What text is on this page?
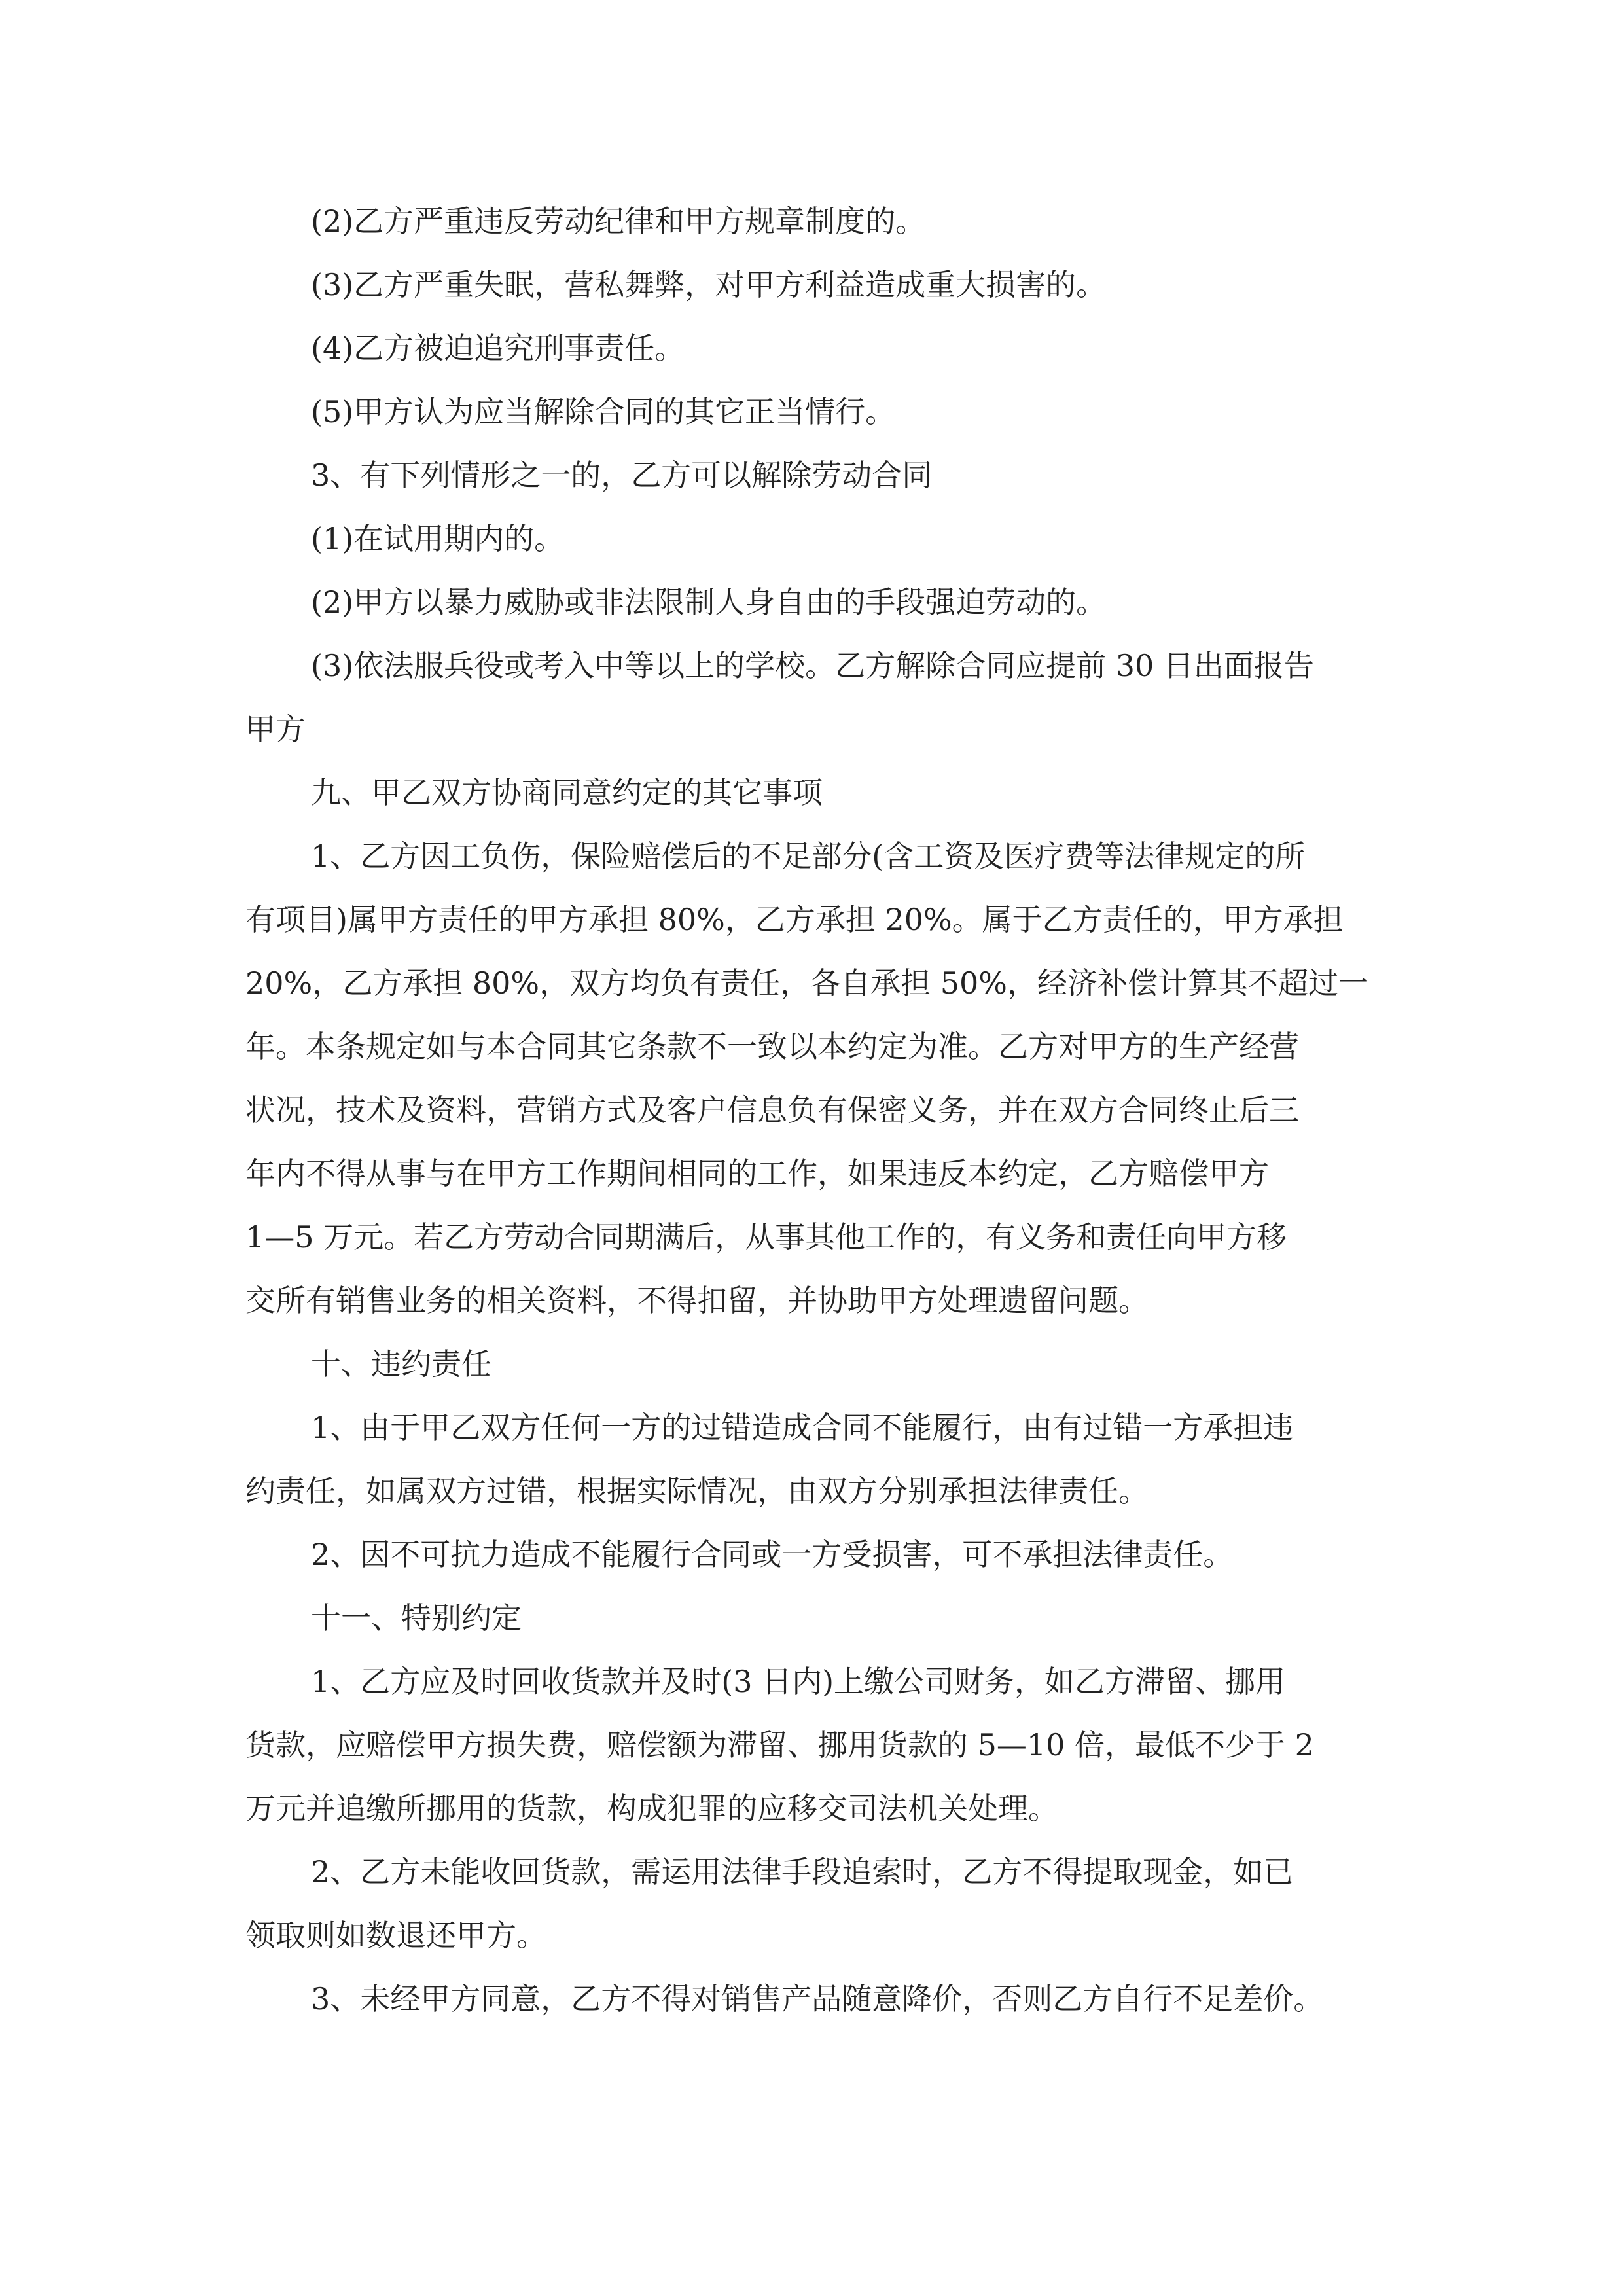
(2)乙方严重违反劳动纪律和甲方规章制度的。
(3)乙方严重失眠，营私舞弊，对甲方利益造成重大损害的。
(4)乙方被迫追究刑事责任。
(5)甲方认为应当解除合同的其它正当情行。
3、有下列情形之一的，乙方可以解除劳动合同
(1)在试用期内的。
(2)甲方以暴力威胁或非法限制人身自由的手段强迫劳动的。
(3)依法服兵役或考入中等以上的学校。乙方解除合同应提前 30 日出面报告
甲方
九、甲乙双方协商同意约定的其它事项
1、乙方因工负伤，保险赔偿后的不足部分(含工资及医疗费等法律规定的所
有项目)属甲方责任的甲方承担 80%，乙方承担 20%。属于乙方责任的，甲方承担
20%，乙方承担 80%，双方均负有责任，各自承担 50%，经济补偿计算其不超过一
年。本条规定如与本合同其它条款不一致以本约定为准。乙方对甲方的生产经营
状况，技术及资料，营销方式及客户信息负有保密义务，并在双方合同终止后三
年内不得从事与在甲方工作期间相同的工作，如果违反本约定，乙方赔偿甲方
1—5 万元。若乙方劳动合同期满后，从事其他工作的，有义务和责任向甲方移
交所有销售业务的相关资料，不得扣留，并协助甲方处理遗留问题。
十、违约责任
1、由于甲乙双方任何一方的过错造成合同不能履行，由有过错一方承担违
约责任，如属双方过错，根据实际情况，由双方分别承担法律责任。
2、因不可抗力造成不能履行合同或一方受损害，可不承担法律责任。
十一、特别约定
1、乙方应及时回收货款并及时(3 日内)上缴公司财务，如乙方滞留、挪用
货款，应赔偿甲方损失费，赔偿额为滞留、挪用货款的 5—10 倍，最低不少于 2
万元并追缴所挪用的货款，构成犯罪的应移交司法机关处理。
2、乙方未能收回货款，需运用法律手段追索时，乙方不得提取现金，如已
领取则如数退还甲方。
3、未经甲方同意，乙方不得对销售产品随意降价，否则乙方自行不足差价。
